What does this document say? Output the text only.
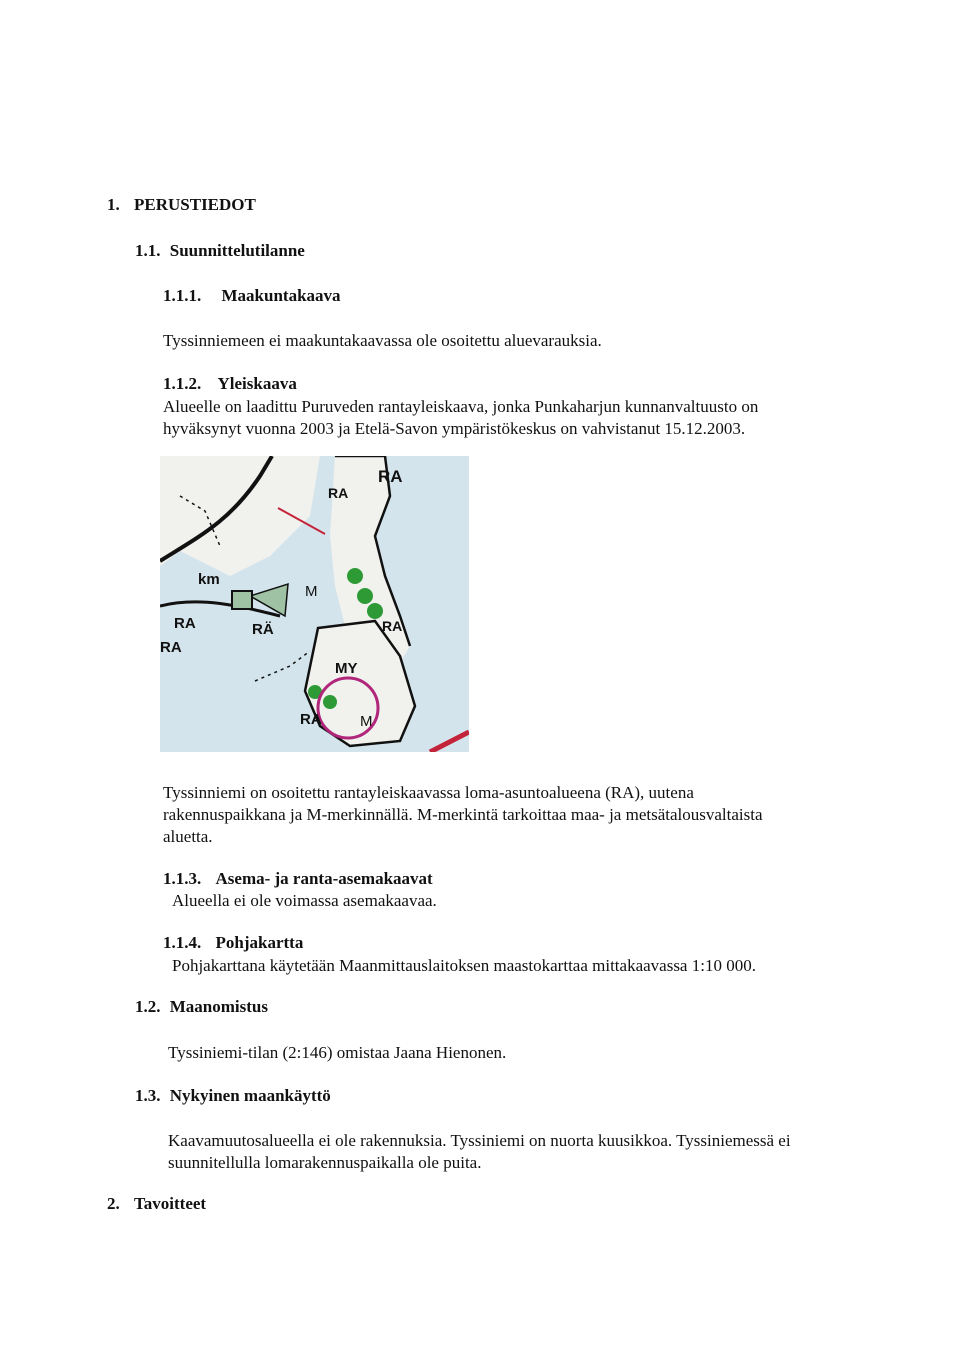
1. PERUSTIEDOT
1.1. Suunnittelutilanne
1.1.1. Maakuntakaava
Tyssinniemeen ei maakuntakaavassa ole osoitettu aluevarauksia.
1.1.2. Yleiskaava
Alueelle on laadittu Puruveden rantayleiskaava, jonka Punkaharjun kunnanvaltuusto on
hyväksynyt vuonna 2003 ja Etelä-Savon ympäristökeskus on vahvistanut 15.12.2003.
RA
RA
km
RA	RÄ
RA
M
MY
RA
RA	M
Tyssinniemi on osoitettu rantayleiskaavassa loma-asuntoalueena (RA), uutena
rakennuspaikkana ja M-merkinnällä. M-merkintä tarkoittaa maa- ja metsätalousvaltaista
aluetta.
1.1.3. Asema- ja ranta-asemakaavat
Alueella ei ole voimassa asemakaavaa.
1.1.4. Pohjakartta
Pohjakarttana käytetään Maanmittauslaitoksen maastokarttaa mittakaavassa 1:10 000.
1.2. Maanomistus
Tyssiniemi-tilan (2:146) omistaa Jaana Hienonen.
1.3. Nykyinen maankäyttö
Kaavamuutosalueella ei ole rakennuksia. Tyssiniemi on nuorta kuusikkoa. Tyssiniemessä ei
suunnitellulla lomarakennuspaikalla ole puita.
2. Tavoitteet
